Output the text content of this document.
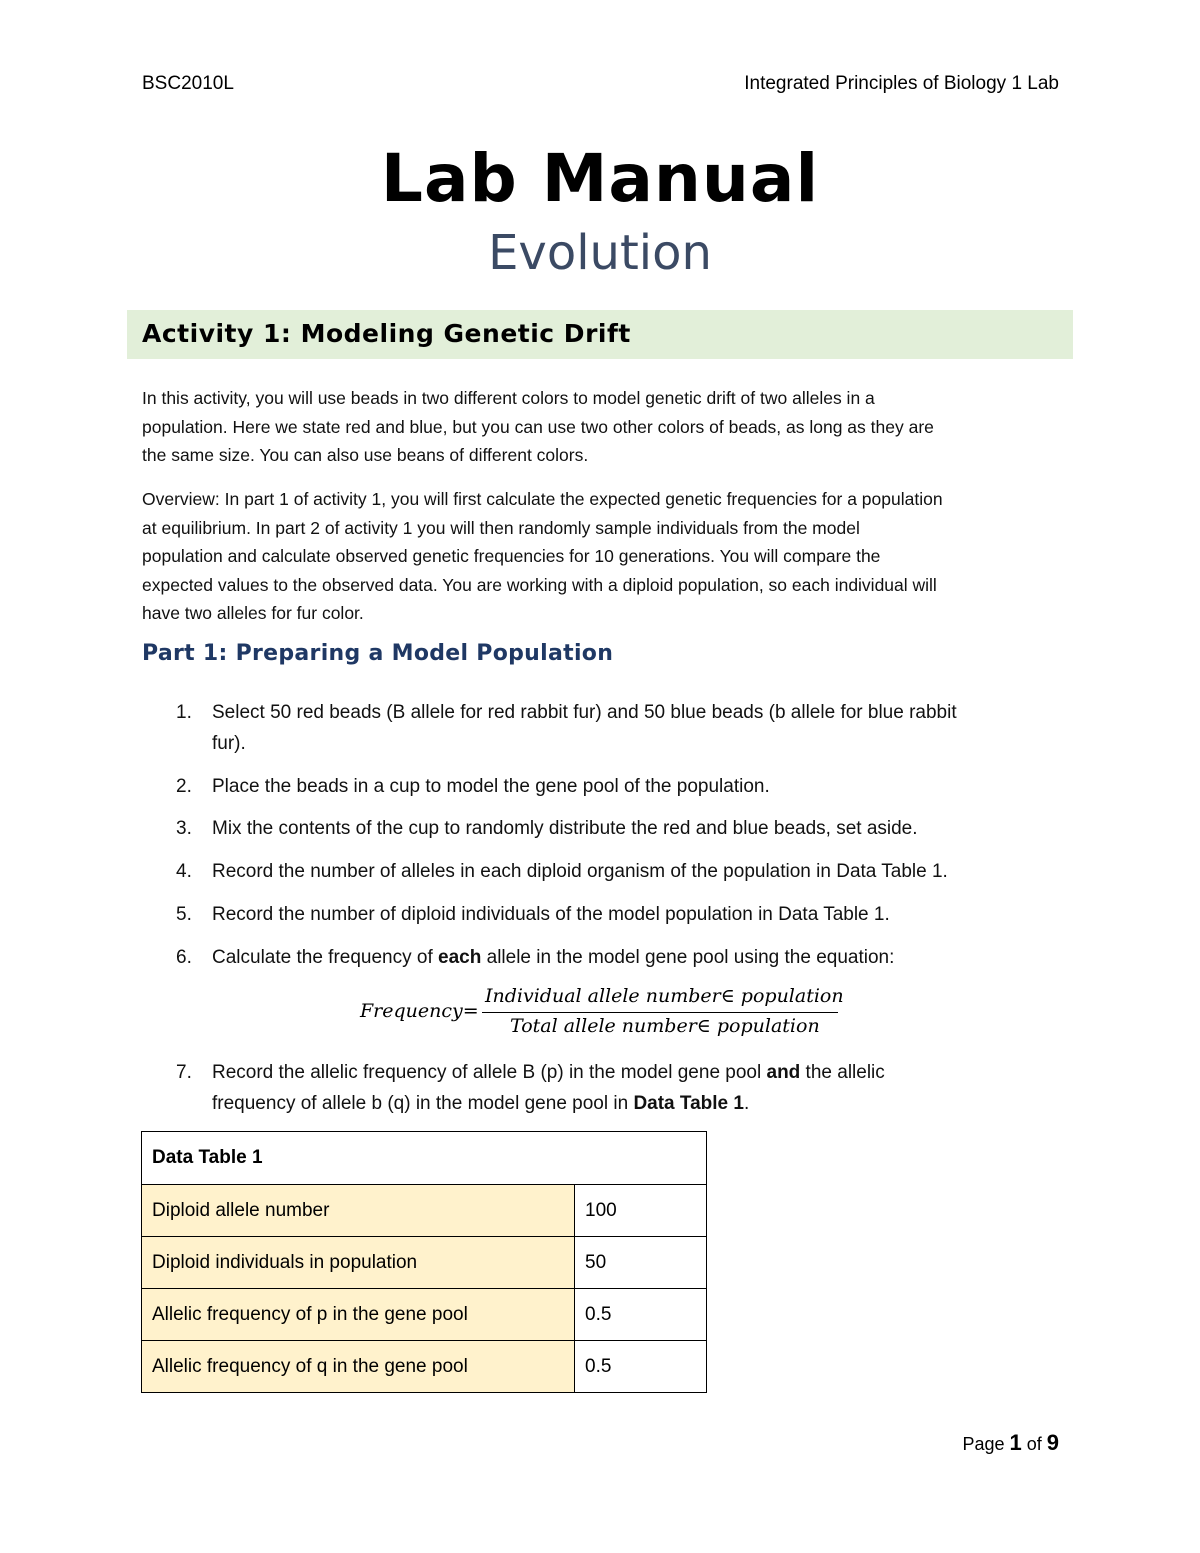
BSC2010L	Integrated Principles of Biology 1 Lab
Lab Manual
Evolution
Activity 1: Modeling Genetic Drift
In this activity, you will use beads in two different colors to model genetic drift of two alleles in a
population. Here we state red and blue, but you can use two other colors of beads, as long as they are
the same size. You can also use beans of different colors.
Overview: In part 1 of activity 1, you will first calculate the expected genetic frequencies for a population
at equilibrium. In part 2 of activity 1 you will then randomly sample individuals from the model
population and calculate observed genetic frequencies for 10 generations. You will compare the
expected values to the observed data. You are working with a diploid population, so each individual will
have two alleles for fur color.
Part 1: Preparing a Model Population
1.	Select 50 red beads (B allele for red rabbit fur) and 50 blue beads (b allele for blue rabbit
fur).
2.	Place the beads in a cup to model the gene pool of the population.
3.	Mix the contents of the cup to randomly distribute the red and blue beads, set aside.
4.	Record the number of alleles in each diploid organism of the population in Data Table 1.
5.	Record the number of diploid individuals of the model population in Data Table 1.
6.	Calculate the frequency of each allele in the model gene pool using the equation:
Frequency=
Individual allele number∈ population
Total allele number∈ population
7.	Record the allelic frequency of allele B (p) in the model gene pool and the allelic
frequency of allele b (q) in the model gene pool in Data Table 1.
Data Table 1	
Diploid allele number	100
Diploid individuals in population	50
Allelic frequency of p in the gene pool	0.5
Allelic frequency of q in the gene pool	0.5
Page 1 of 9
